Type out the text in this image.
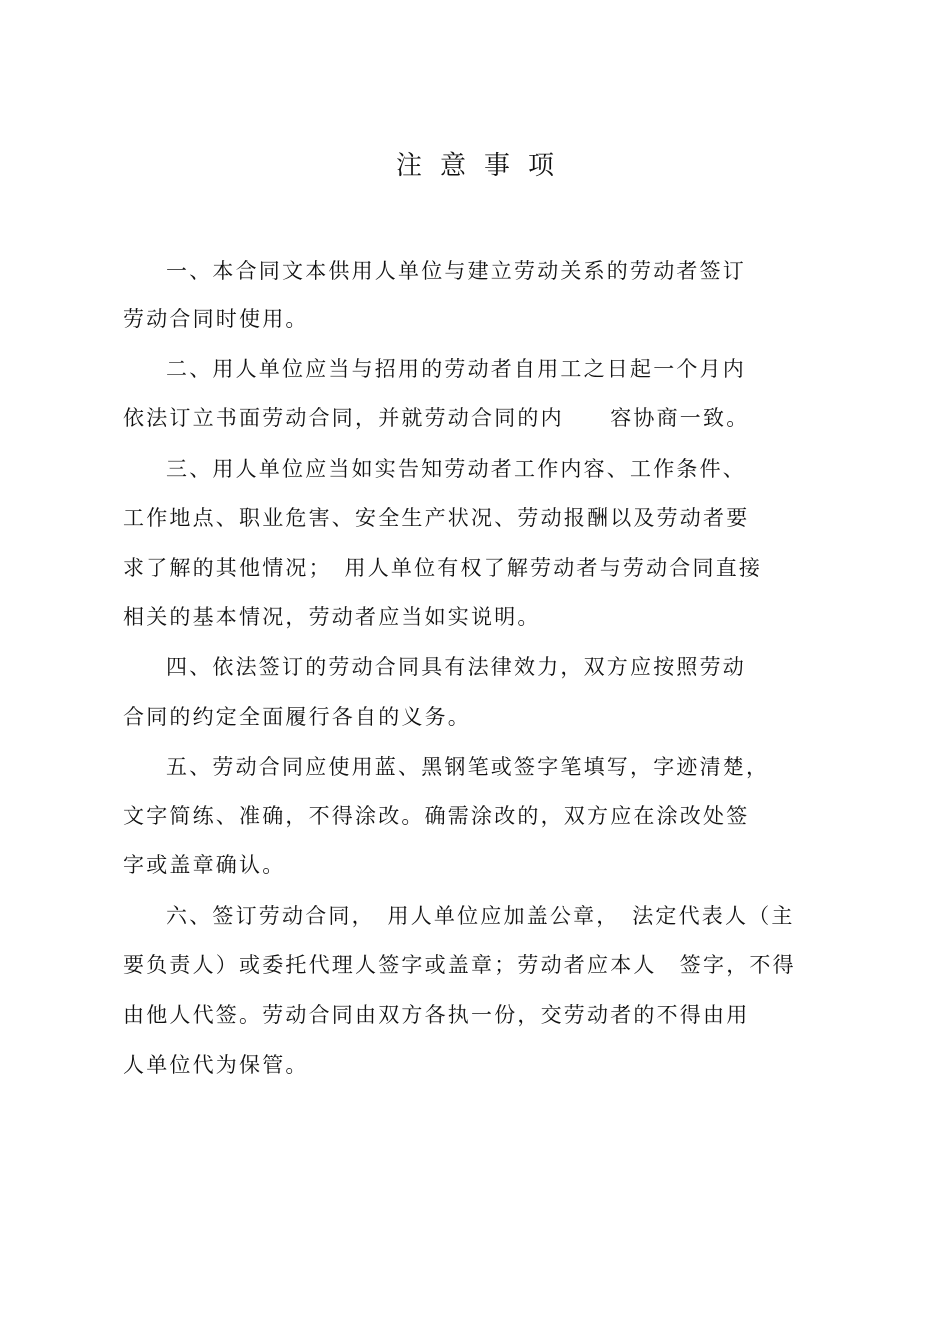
注意事项
一、本合同文本供用人单位与建立劳动关系的劳动者签订
劳动合同时使用。
二、用人单位应当与招用的劳动者自用工之日起一个月内
依法订立书面劳动合同，并就劳动合同的内　　容协商一致。
三、用人单位应当如实告知劳动者工作内容、工作条件、
工作地点、职业危害、安全生产状况、劳动报酬以及劳动者要
求了解的其他情况；　用人单位有权了解劳动者与劳动合同直接
相关的基本情况，劳动者应当如实说明。
四、依法签订的劳动合同具有法律效力，双方应按照劳动
合同的约定全面履行各自的义务。
五、劳动合同应使用蓝、黑钢笔或签字笔填写，字迹清楚，
文字简练、准确，不得涂改。确需涂改的，双方应在涂改处签
字或盖章确认。
六、签订劳动合同，　用人单位应加盖公章，　法定代表人（主
要负责人）或委托代理人签字或盖章；劳动者应本人　签字，不得
由他人代签。劳动合同由双方各执一份，交劳动者的不得由用
人单位代为保管。
